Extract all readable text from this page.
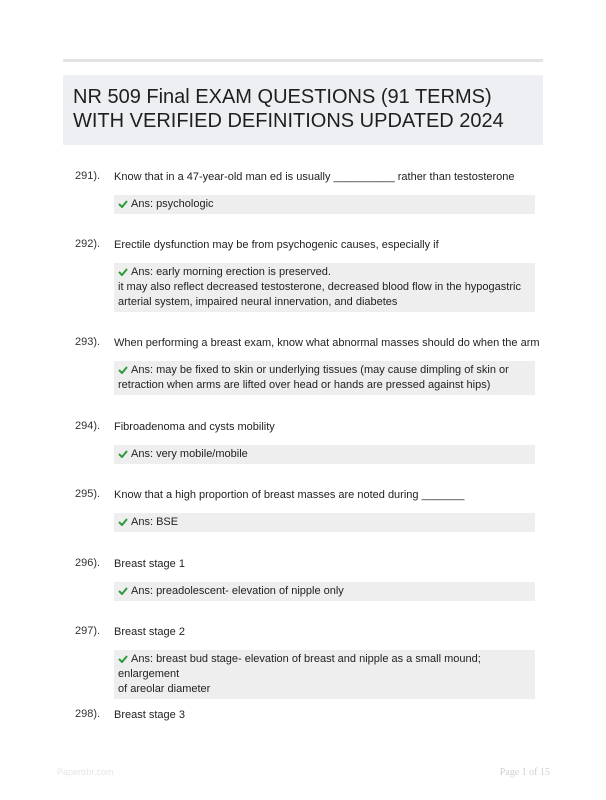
NR 509 Final EXAM QUESTIONS (91 TERMS)
WITH VERIFIED DEFINITIONS UPDATED 2024
291). Know that in a 47-year-old man ed is usually __________ rather than testosterone
Ans: psychologic
292). Erectile dysfunction may be from psychogenic causes, especially if
Ans: early morning erection is preserved.
it may also reflect decreased testosterone, decreased blood flow in the hypogastric
arterial system, impaired neural innervation, and diabetes
293). When performing a breast exam, know what abnormal masses should do when the arm
Ans: may be fixed to skin or underlying tissues (may cause dimpling of skin or
retraction when arms are lifted over head or hands are pressed against hips)
294). Fibroadenoma and cysts mobility
Ans: very mobile/mobile
295). Know that a high proportion of breast masses are noted during _______
Ans: BSE
296). Breast stage 1
Ans: preadolescent- elevation of nipple only
297). Breast stage 2
Ans: breast bud stage- elevation of breast and nipple as a small mound; enlargement
of areolar diameter
298). Breast stage 3
Papertrbr.com	Page 1 of 15
